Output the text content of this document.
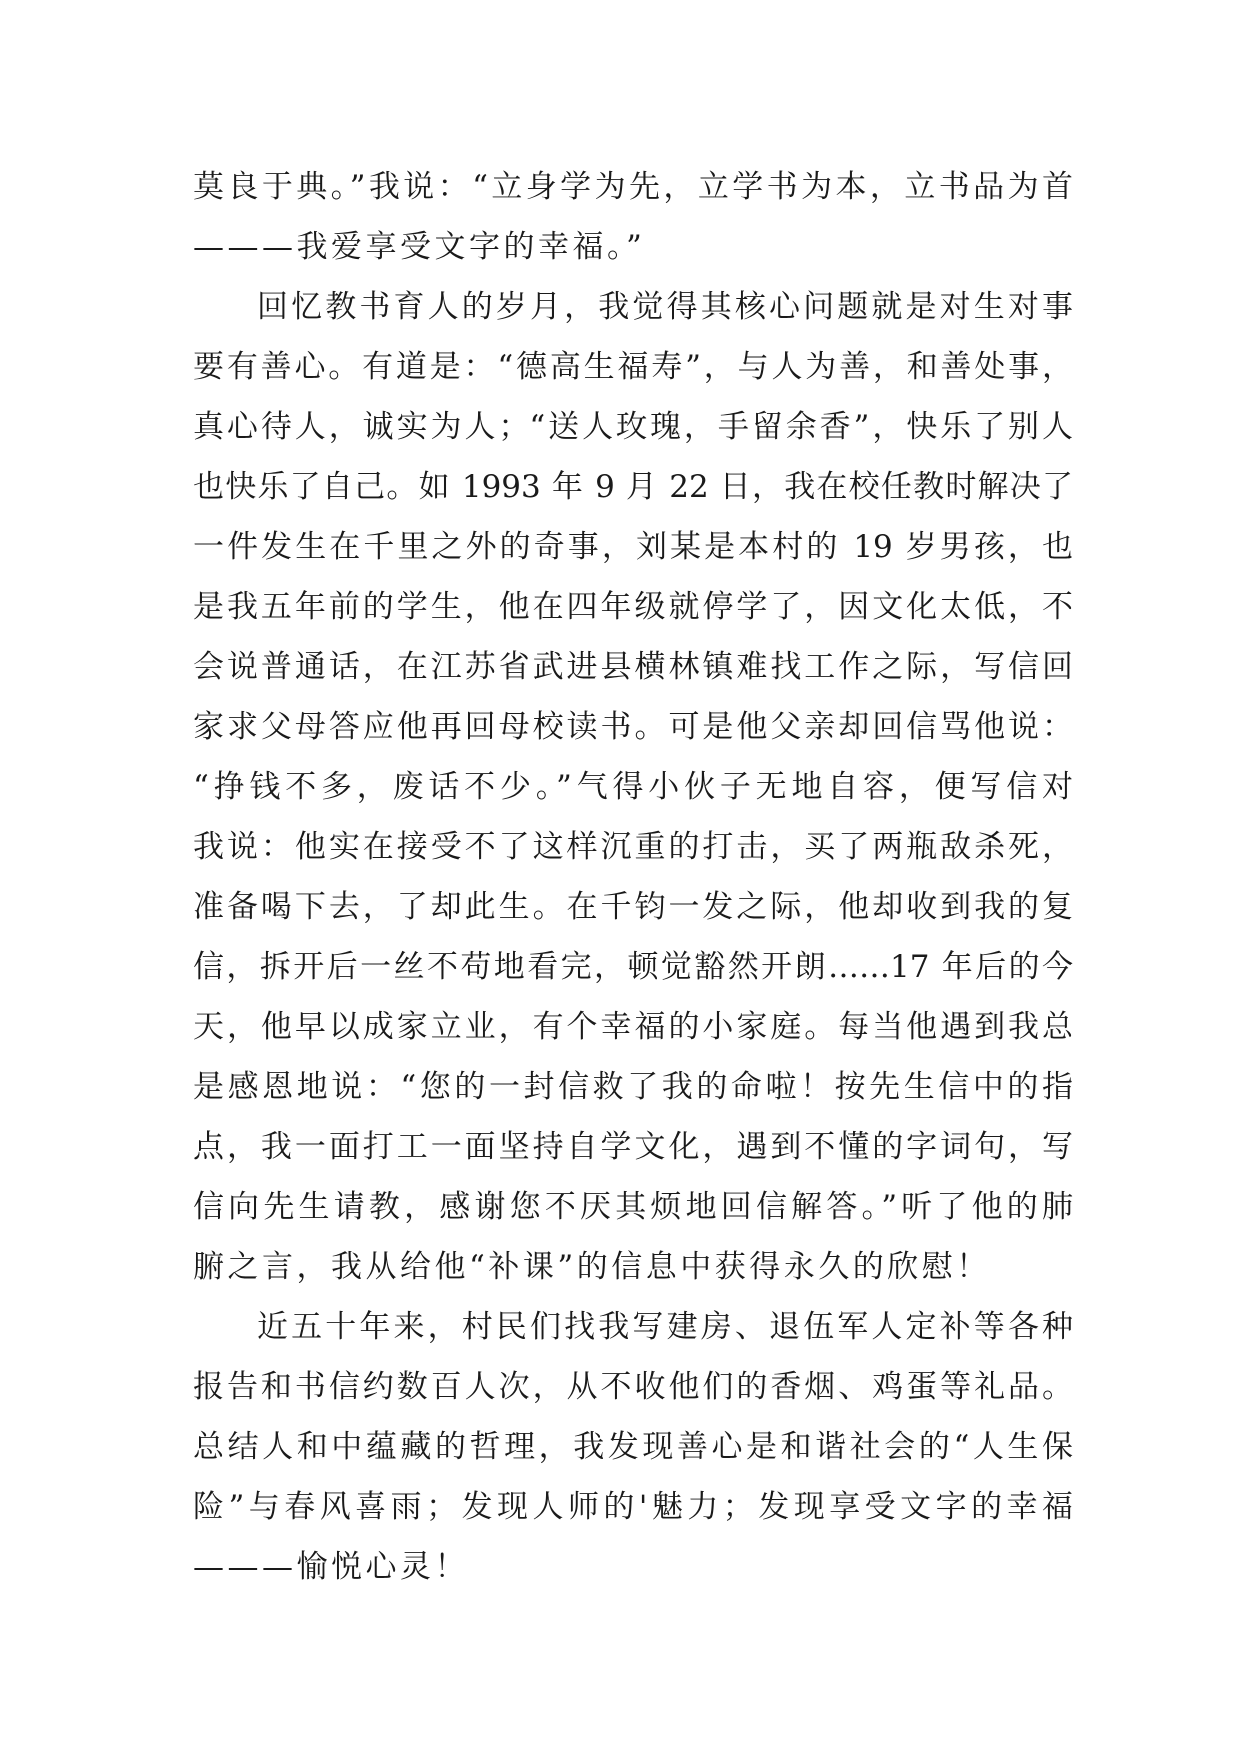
莫良于典。”我说：“立身学为先，立学书为本，立书品为首
———我爱享受文字的幸福。”
回忆教书育人的岁月，我觉得其核心问题就是对生对事
要有善心。有道是：“德高生福寿”，与人为善，和善处事，
真心待人，诚实为人；“送人玫瑰，手留余香”，快乐了别人
也快乐了自己。如 1993 年 9 月 22 日，我在校任教时解决了
一件发生在千里之外的奇事，刘某是本村的 19 岁男孩，也
是我五年前的学生，他在四年级就停学了，因文化太低，不
会说普通话，在江苏省武进县横林镇难找工作之际，写信回
家求父母答应他再回母校读书。可是他父亲却回信骂他说：
“挣钱不多，废话不少。”气得小伙子无地自容，便写信对
我说：他实在接受不了这样沉重的打击，买了两瓶敌杀死，
准备喝下去，了却此生。在千钧一发之际，他却收到我的复
信，拆开后一丝不苟地看完，顿觉豁然开朗……17 年后的今
天，他早以成家立业，有个幸福的小家庭。每当他遇到我总
是感恩地说：“您的一封信救了我的命啦！按先生信中的指
点，我一面打工一面坚持自学文化，遇到不懂的字词句，写
信向先生请教，感谢您不厌其烦地回信解答。”听了他的肺
腑之言，我从给他“补课”的信息中获得永久的欣慰！
近五十年来，村民们找我写建房、退伍军人定补等各种
报告和书信约数百人次，从不收他们的香烟、鸡蛋等礼品。
总结人和中蕴藏的哲理，我发现善心是和谐社会的“人生保
险”与春风喜雨；发现人师的'魅力；发现享受文字的幸福
———愉悦心灵！
